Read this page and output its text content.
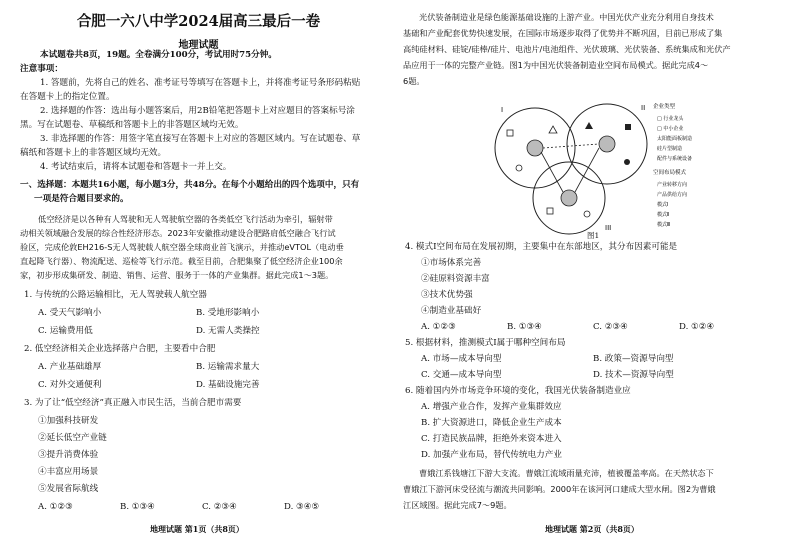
合肥一六八中学2024届高三最后一卷
地理试题
本试题卷共8页，19题。全卷满分100分，考试用时75分钟。
注意事项：
1. 答题前，先将自己的姓名、准考证号等填写在答题卡上，并将准考证号条形码粘贴
在答题卡上的指定位置。
2. 选择题的作答：选出每小题答案后，用2B铅笔把答题卡上对应题目的答案标号涂
黑。写在试题卷、草稿纸和答题卡上的非答题区域均无效。
3. 非选择题的作答：用签字笔直接写在答题卡上对应的答题区域内。写在试题卷、草
稿纸和答题卡上的非答题区域均无效。
4. 考试结束后，请将本试题卷和答题卡一并上交。
一、选择题：本题共16小题，每小题3分，共48分。在每个小题给出的四个选项中，只有
一项是符合题目要求的。
低空经济是以各种有人驾驶和无人驾驶航空器的各类低空飞行活动为牵引，辐射带
动相关领域融合发展的综合性经济形态。2023年安徽推动建设合肥路肩低空融合飞行试
验区，完成伦敦EH216-S无人驾驶载人航空器全球商业首飞演示，并推动eVTOL（电动垂
直起降飞行器）、物流配送、巡检等飞行示范。截至目前，合肥集聚了低空经济企业100余
家，初步形成集研发、制造、销售、运营、服务于一体的产业集群。据此完成1～3题。
1. 与传统的公路运输相比，无人驾驶载人航空器
A. 受天气影响小	B. 受地形影响小
C. 运输费用低	D. 无需人类操控
2. 低空经济相关企业选择落户合肥，主要看中合肥
A. 产业基础雄厚	B. 运输需求量大
C. 对外交通便利	D. 基础设施完善
3. 为了让“低空经济”真正融入市民生活，当前合肥市需要
①加强科技研发
②延长低空产业链
③提升消费体验
④丰富应用场景
⑤发展省际航线
A. ①②③	B. ①③④	C. ②③④	D. ③④⑤
地理试题 第1页（共8页）
光伏装备制造业是绿色能源基础设施的上游产业。中国光伏产业充分利用自身技术
基础和产业配套优势快速发展，在国际市场逐步取得了优势并不断巩固，目前已形成了集
高纯硅材料、硅锭/硅棒/硅片、电池片/电池组件、光伏玻璃、光伏装备、系统集成和光伏产
品应用于一体的完整产业链。图1为中国光伏装备制造业空间布局模式。据此完成4～
6题。
I	II
III
企业类型
□ 行业龙头
□ 中小企业
太阳能面板制造
硅片型制造
配件与系统设备
空间布局模式
产业转移方向
产品供给方向
模式Ⅰ
模式Ⅱ
模式Ⅲ
图1
4. 模式Ⅰ空间布局在发展初期，主要集中在东部地区，其分布因素可能是
①市场体系完善
②硅原料资源丰富
③技术优势强
④制造业基础好
A. ①②③	B. ①③④	C. ②③④	D. ①②④
5. 根据材料，推测模式Ⅰ属于哪种空间布局
A. 市场—成本导向型	B. 政策—资源导向型
C. 交通—成本导向型	D. 技术—资源导向型
6. 随着国内外市场竞争环境的变化，我国光伏装备制造业应
A. 增强产业合作，发挥产业集群效应
B. 扩大资源进口，降低企业生产成本
C. 打造民族品牌，拒绝外来资本进入
D. 加强产业布局，替代传统电力产业
曹娥江系钱塘江下游大支流。曹娥江流域雨量充沛，植被覆盖率高。在天然状态下
曹娥江下游河床受径流与潮流共同影响。2000年在该河河口建成大型水闸。图2为曹娥
江区域图。据此完成7～9题。
地理试题 第2页（共8页）
